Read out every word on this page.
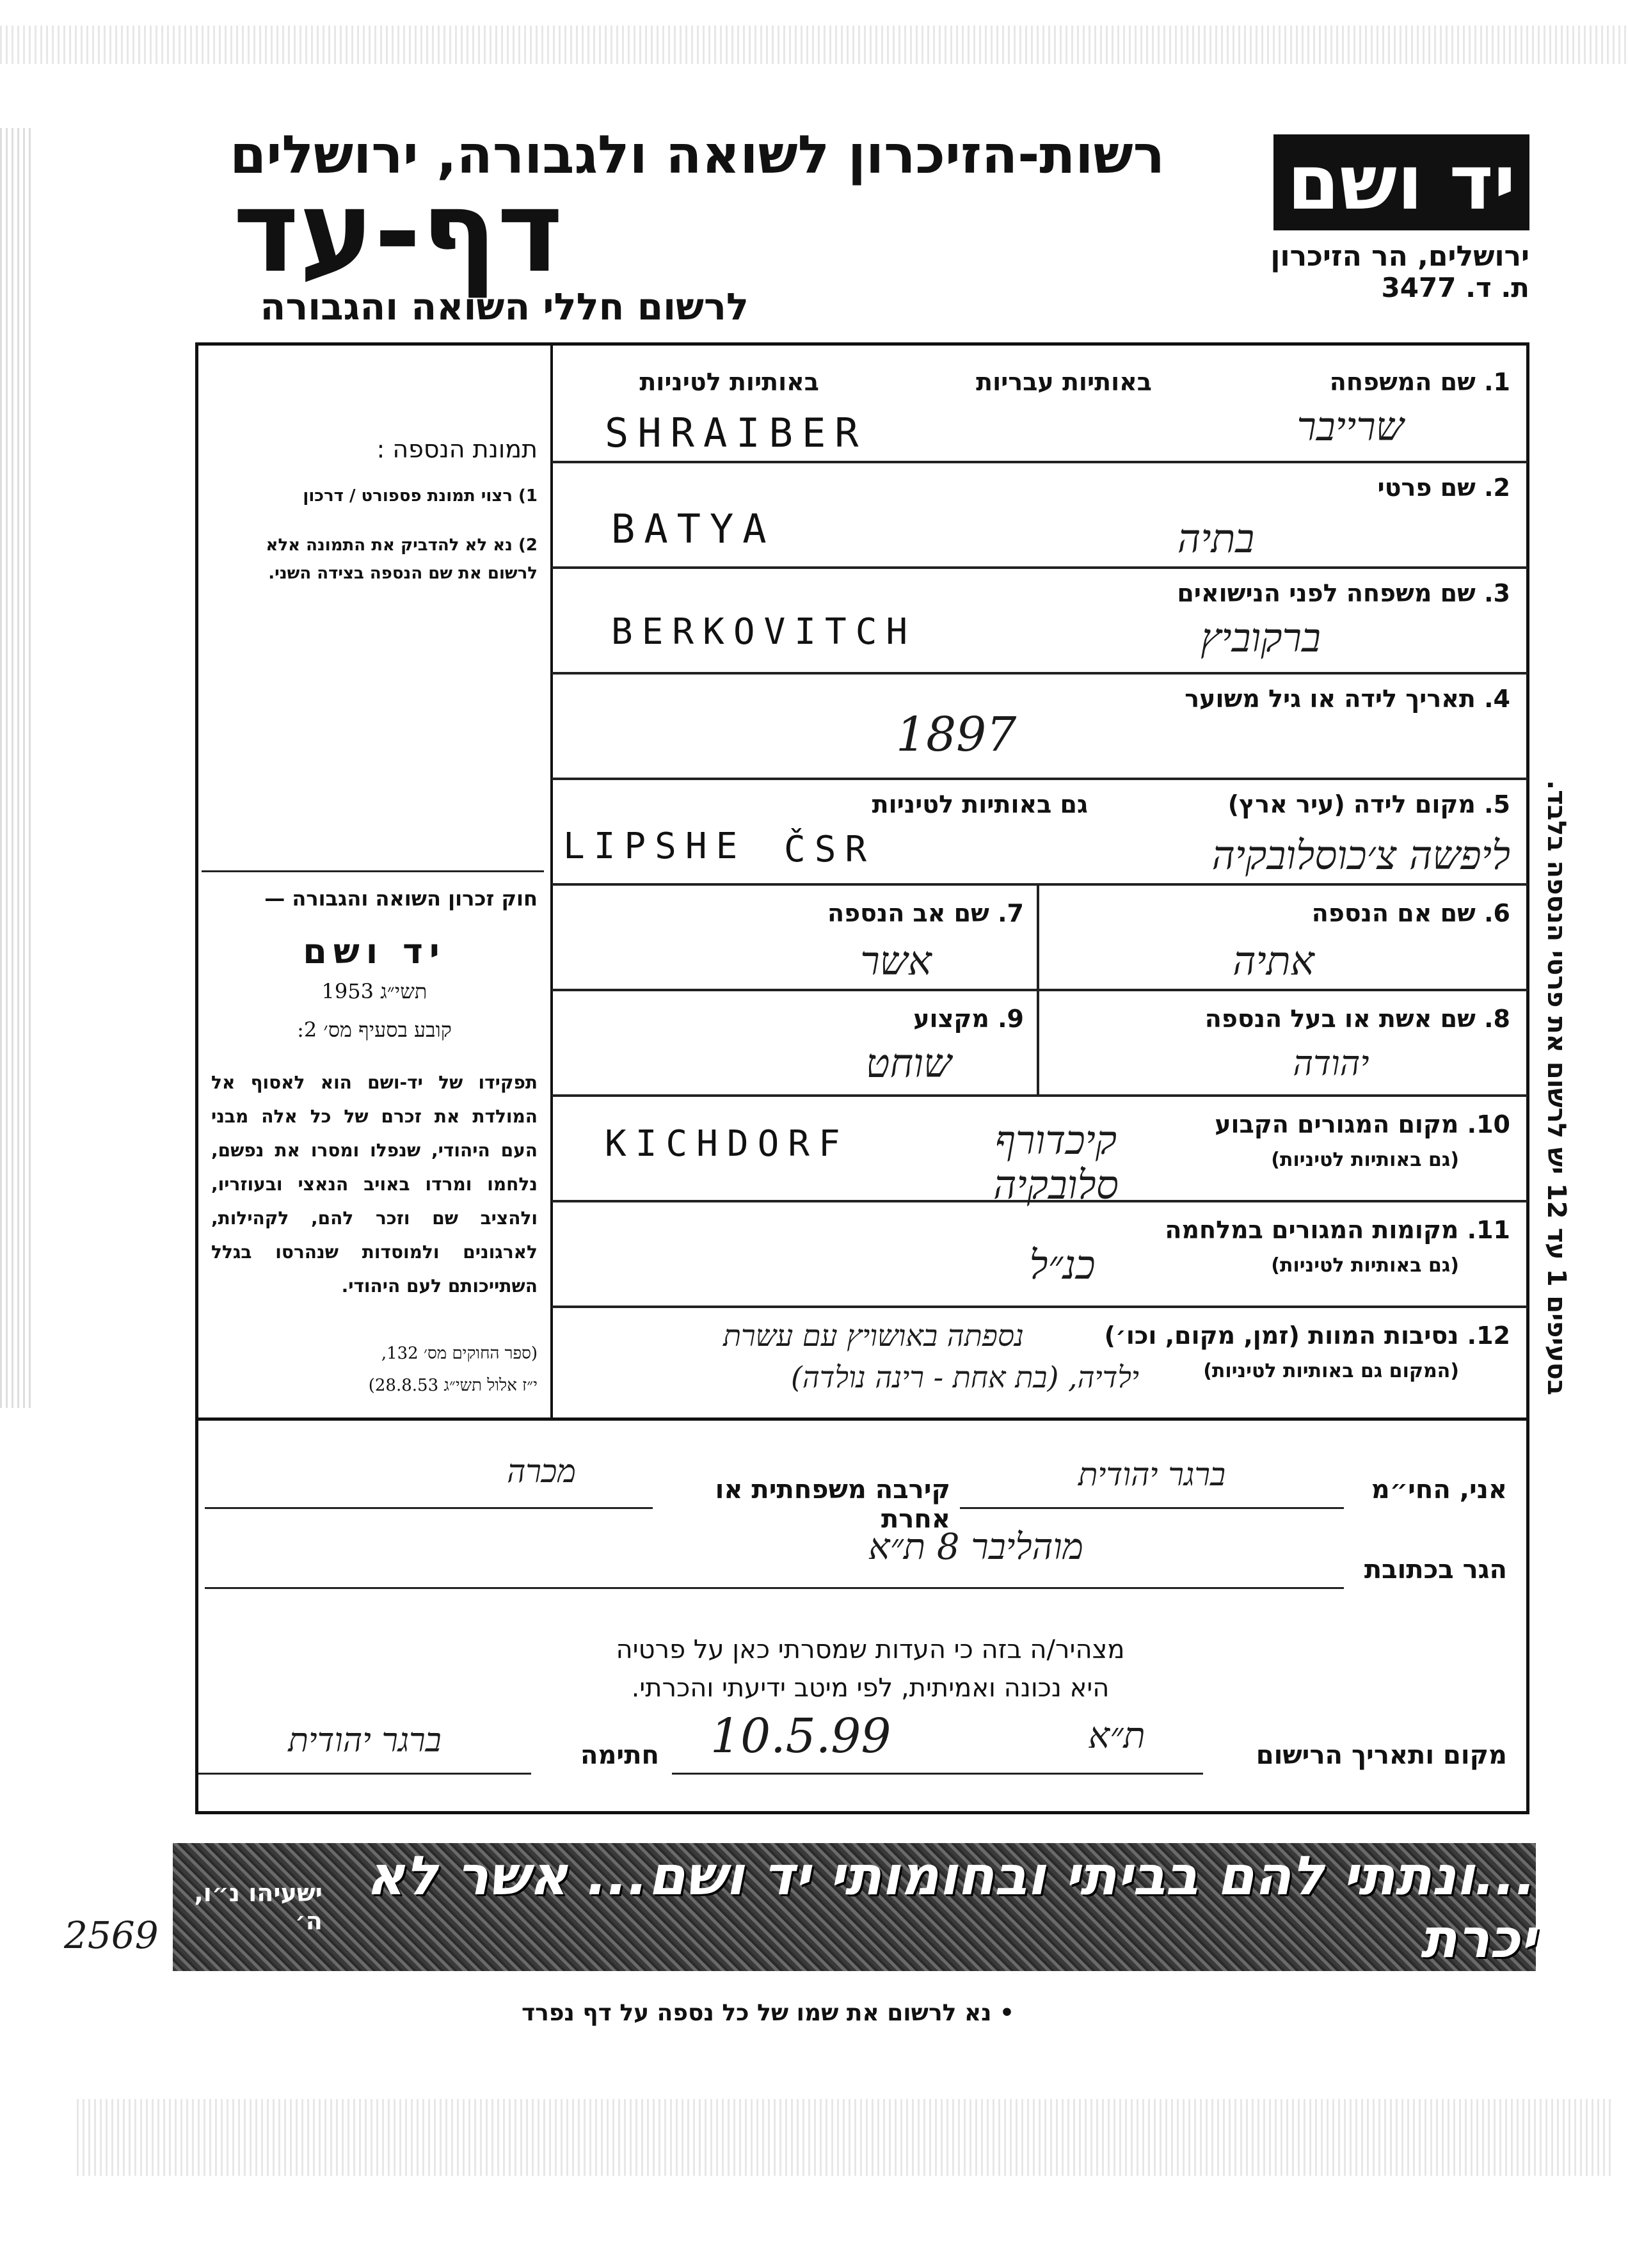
יד ושם
ירושלים, הר הזיכרון
ת. ד. 3477
רשות-הזיכרון לשואה ולגבורה, ירושלים
דף-עד
לרשום חללי השואה והגבורה
בסעיפים 1 עד 12 יש לרשום את פרטי הנספה בלבד.
1. שם המשפחה
באותיות עבריות
באותיות לטיניות
SHRAIBER	שרייבר
2. שם פרטי
BATYA	בתיה
3. שם משפחה לפני הנישואים
BERKOVITCH	ברקוביץ
4. תאריך לידה או גיל משוער
1897
5. מקום לידה (עיר ארץ)
גם באותיות לטיניות
LIPSHE ČSR	ליפשה צ׳כוסלובקיה
6. שם אם הנספה
אתיה
7. שם אב הנספה
אשר
8. שם אשת או בעל הנספה
יהודה
9. מקצוע
שוחט
10. מקום המגורים הקבוע
(גם באותיות לטיניות)
KICHDORF	קיכדורף
סלובקיה
11. מקומות המגורים במלחמה
(גם באותיות לטיניות)
כנ״ל
12. נסיבות המוות (זמן, מקום, וכו׳)
(המקום גם באותיות לטיניות)
נספתה באושויץ עם עשרת
ילדיה, (בת אחת - רינה נולדה)
תמונת הנספה :
1) רצוי תמונת פספורט / דרכון
2) נא לא להדביק את התמונה אלא לרשום את שם הנספה בצידה השני.
חוק זכרון השואה והגבורה —
יד ושם
תשי״ג 1953
קובע בסעיף מס׳ 2:
תפקידו של יד-ושם הוא לאסוף אל המולדת את זכרם של כל אלה מבני העם היהודי, שנפלו ומסרו את נפשם, נלחמו ומרדו באויב הנאצי ובעוזריו, ולהציב שם וזכר להם, לקהילות, לארגונים ולמוסדות שנהרסו בגלל השתייכותם לעם היהודי.
(ספר החוקים מס׳ 132,
י״ז אלול תשי״ג 28.8.53)
אני, החי״מ
ברגר יהודית
קירבה משפחתית או אחרת
מכרה
הגר בכתובת
מוהליבר 8 ת״א
מצהיר/ה בזה כי העדות שמסרתי כאן על פרטיה
היא נכונה ואמיתית, לפי מיטב ידיעתי והכרתי.
מקום ותאריך הרישום
10.5.99	ת״א
חתימה
ברגר יהודית
...ונתתי להם בביתי ובחומותי יד ושם... אשר לא יכרת
ישעיהו נ״ו, ה׳
2569
• נא לרשום את שמו של כל נספה על דף נפרד
